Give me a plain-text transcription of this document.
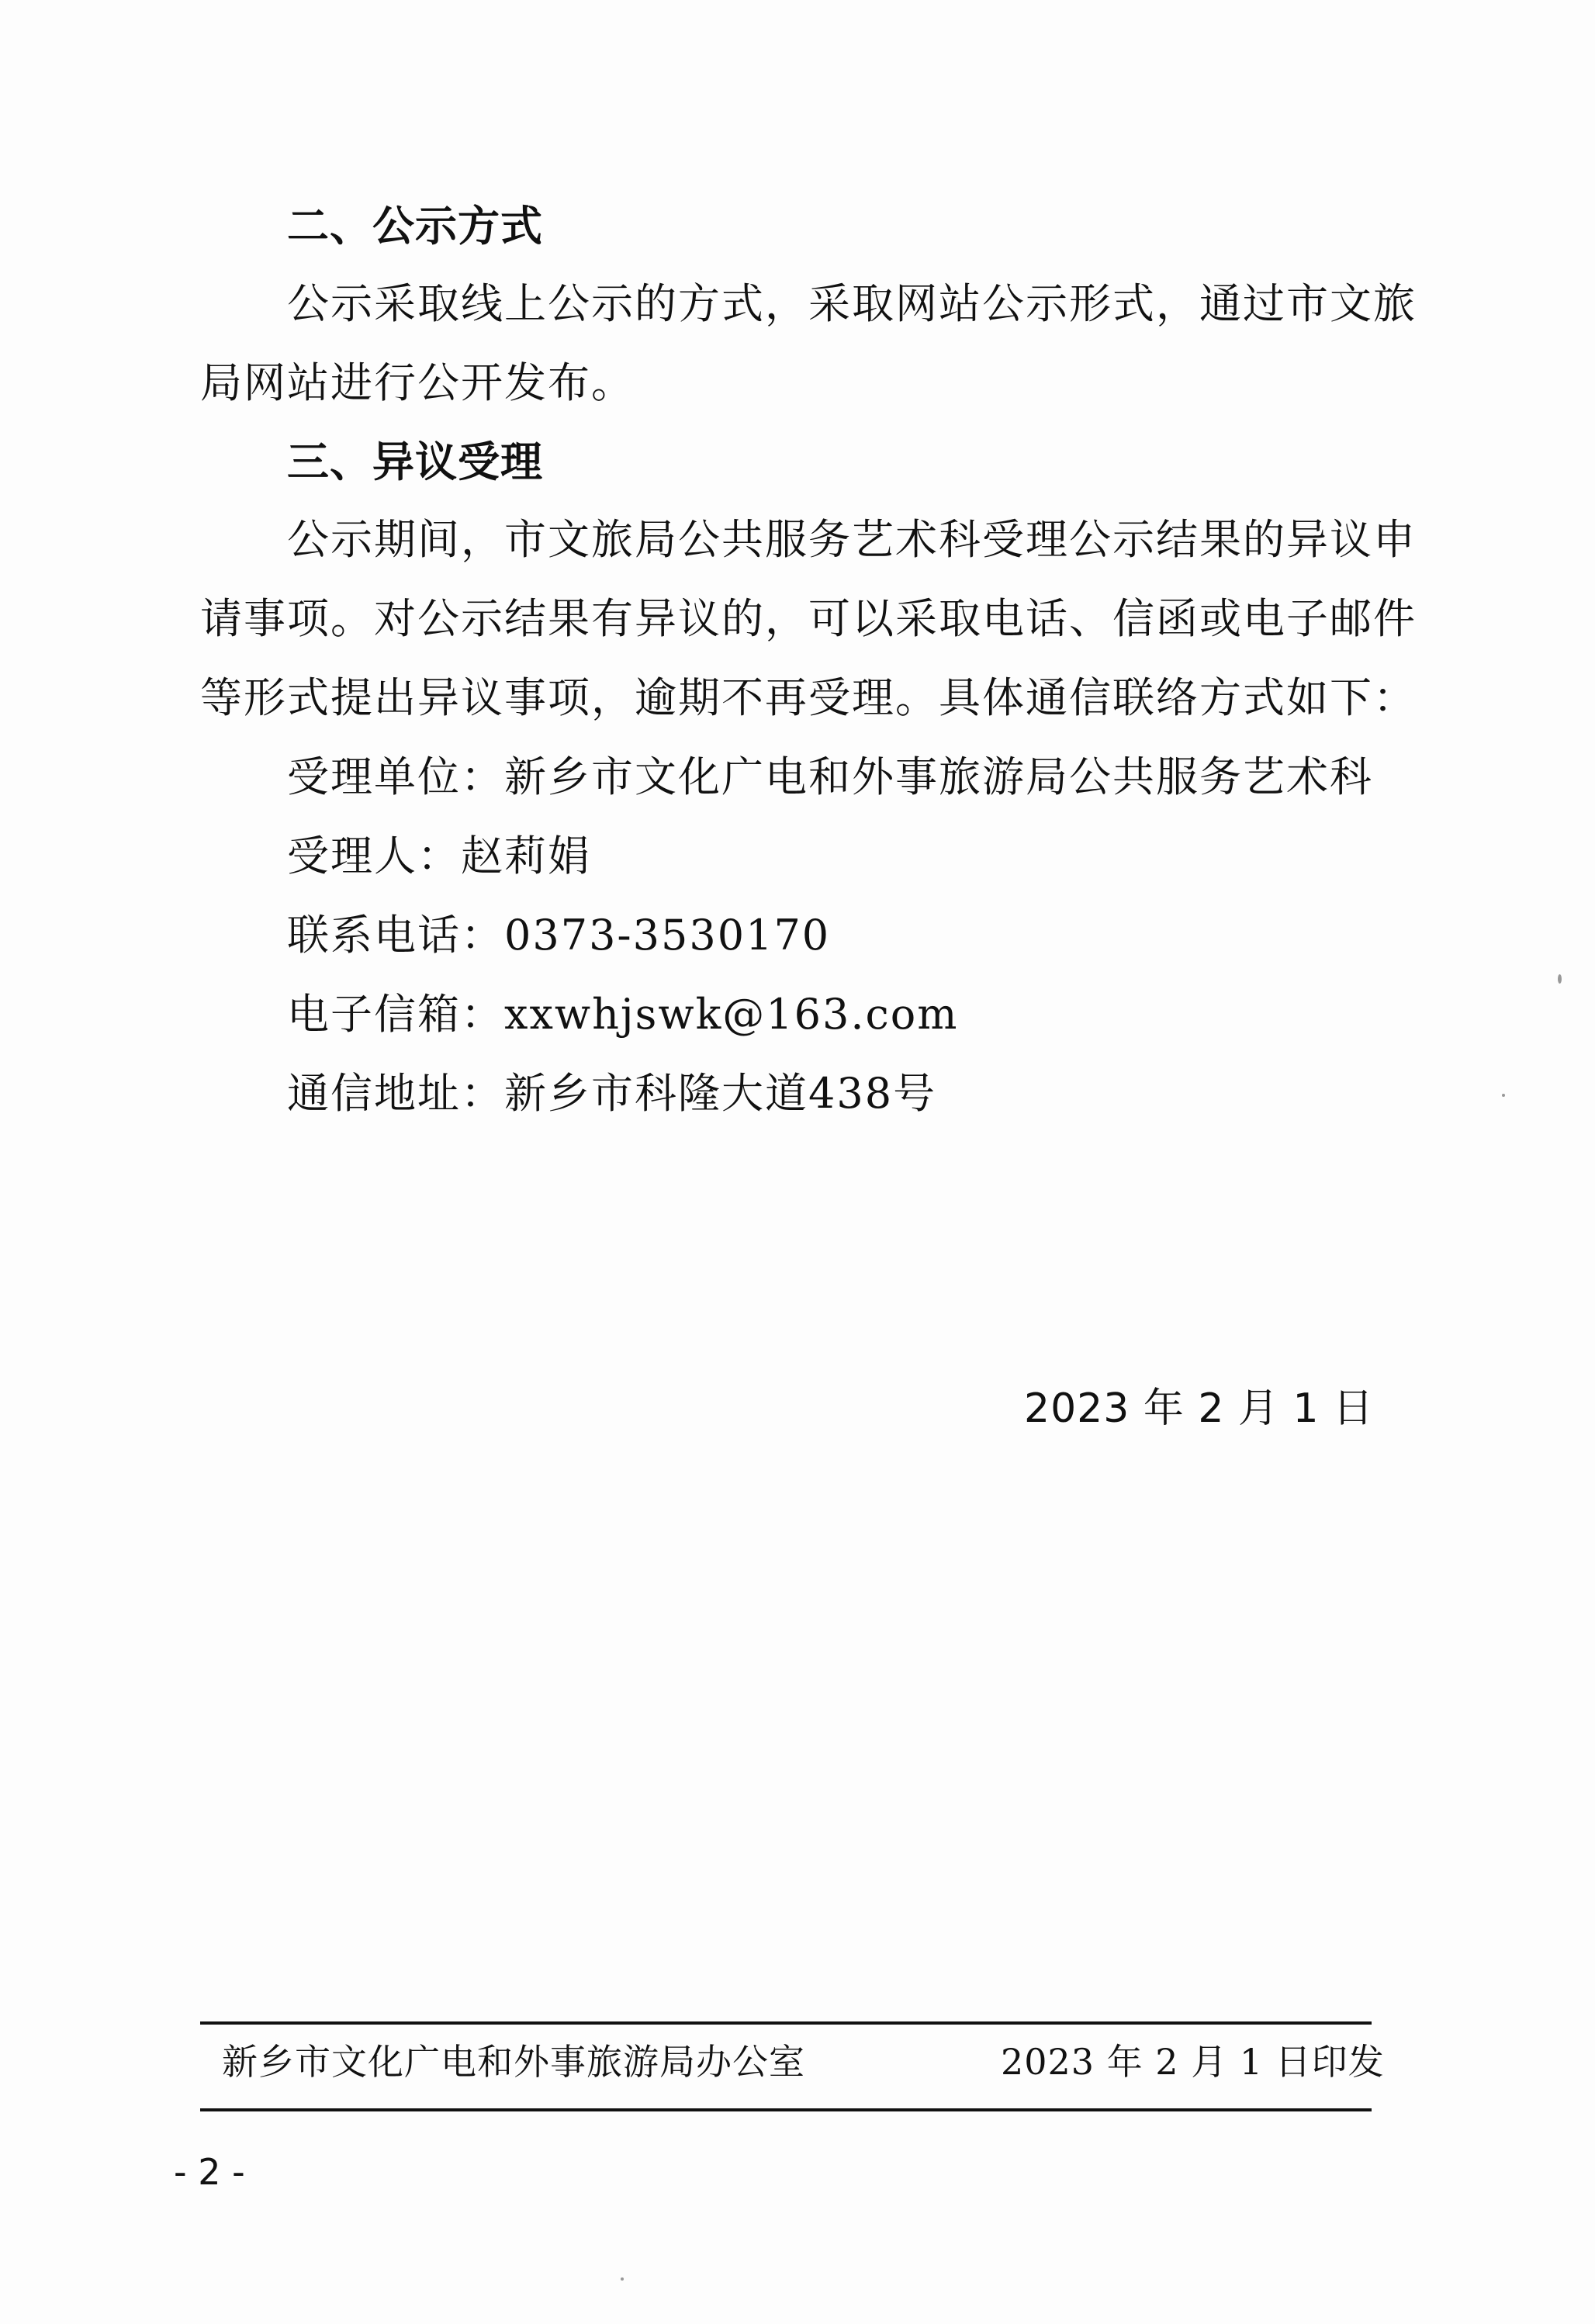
二、公示方式
公示采取线上公示的方式，采取网站公示形式，通过市文旅
局网站进行公开发布。
三、异议受理
公示期间，市文旅局公共服务艺术科受理公示结果的异议申
请事项。对公示结果有异议的，可以采取电话、信函或电子邮件
等形式提出异议事项，逾期不再受理。具体通信联络方式如下：
受理单位：新乡市文化广电和外事旅游局公共服务艺术科
受理人：赵莉娟
联系电话：0373-3530170
电子信箱：xxwhjswk@163.com
通信地址：新乡市科隆大道438号
2023 年 2 月 1 日
新乡市文化广电和外事旅游局办公室	2023 年 2 月 1 日印发
- 2 -
